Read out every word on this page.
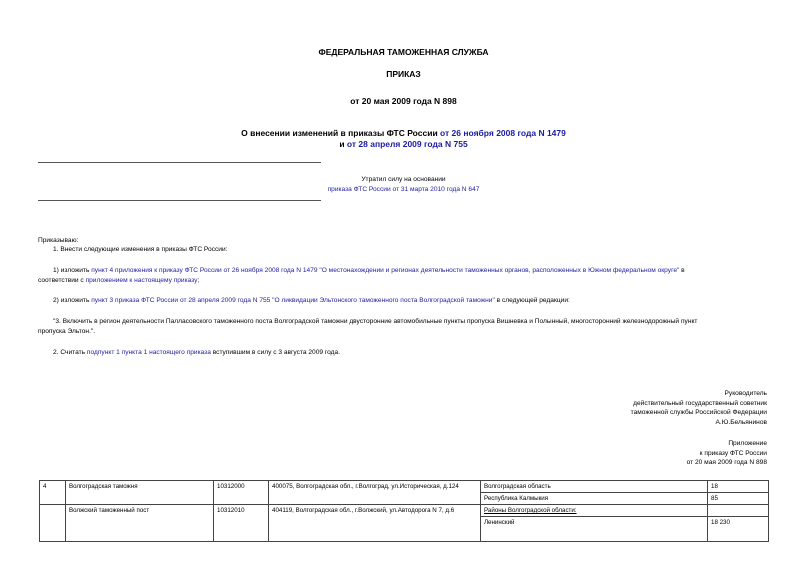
ФЕДЕРАЛЬНАЯ ТАМОЖЕННАЯ СЛУЖБА
ПРИКАЗ
от 20 мая 2009 года N 898
О внесении изменений в приказы ФТС России от 26 ноября 2008 года N 1479
и от 28 апреля 2009 года N 755
Утратил силу на основании
приказа ФТС России от 31 марта 2010 года N 647
Приказываю:
1. Внести следующие изменения в приказы ФТС России:
1) изложить пункт 4 приложения к приказу ФТС России от 26 ноября 2008 года N 1479 "О местонахождении и регионах деятельности таможенных органов, расположенных в Южном федеральном округе" в
соответствии с приложением к настоящему приказу;
2) изложить пункт 3 приказа ФТС России от 28 апреля 2009 года N 755 "О ликвидации Эльтонского таможенного поста Волгоградской таможни" в следующей редакции:
"3. Включить в регион деятельности Палласовского таможенного поста Волгоградской таможни двусторонние автомобильные пункты пропуска Вишневка и Полынный, многосторонний железнодорожный пункт
пропуска Эльтон.".
2. Считать подпункт 1 пункта 1 настоящего приказа вступившим в силу с 3 августа 2009 года.
Руководитель
действительный государственный советник
таможенной службы Российской Федерации
А.Ю.Бельянинов
Приложение
к приказу ФТС России
от 20 мая 2009 года N 898
4	Волгоградская таможня	10312000	400075, Волгоградская обл., г.Волгоград, ул.Историческая, д.124	Волгоградская область	18
				Республика Калмыкия	85
	Волжский таможенный пост	10312010	404119, Волгоградская обл., г.Волжский, ул.Автодорога N 7, д.6	Районы Волгоградской области:	
				Ленинский	18 230
